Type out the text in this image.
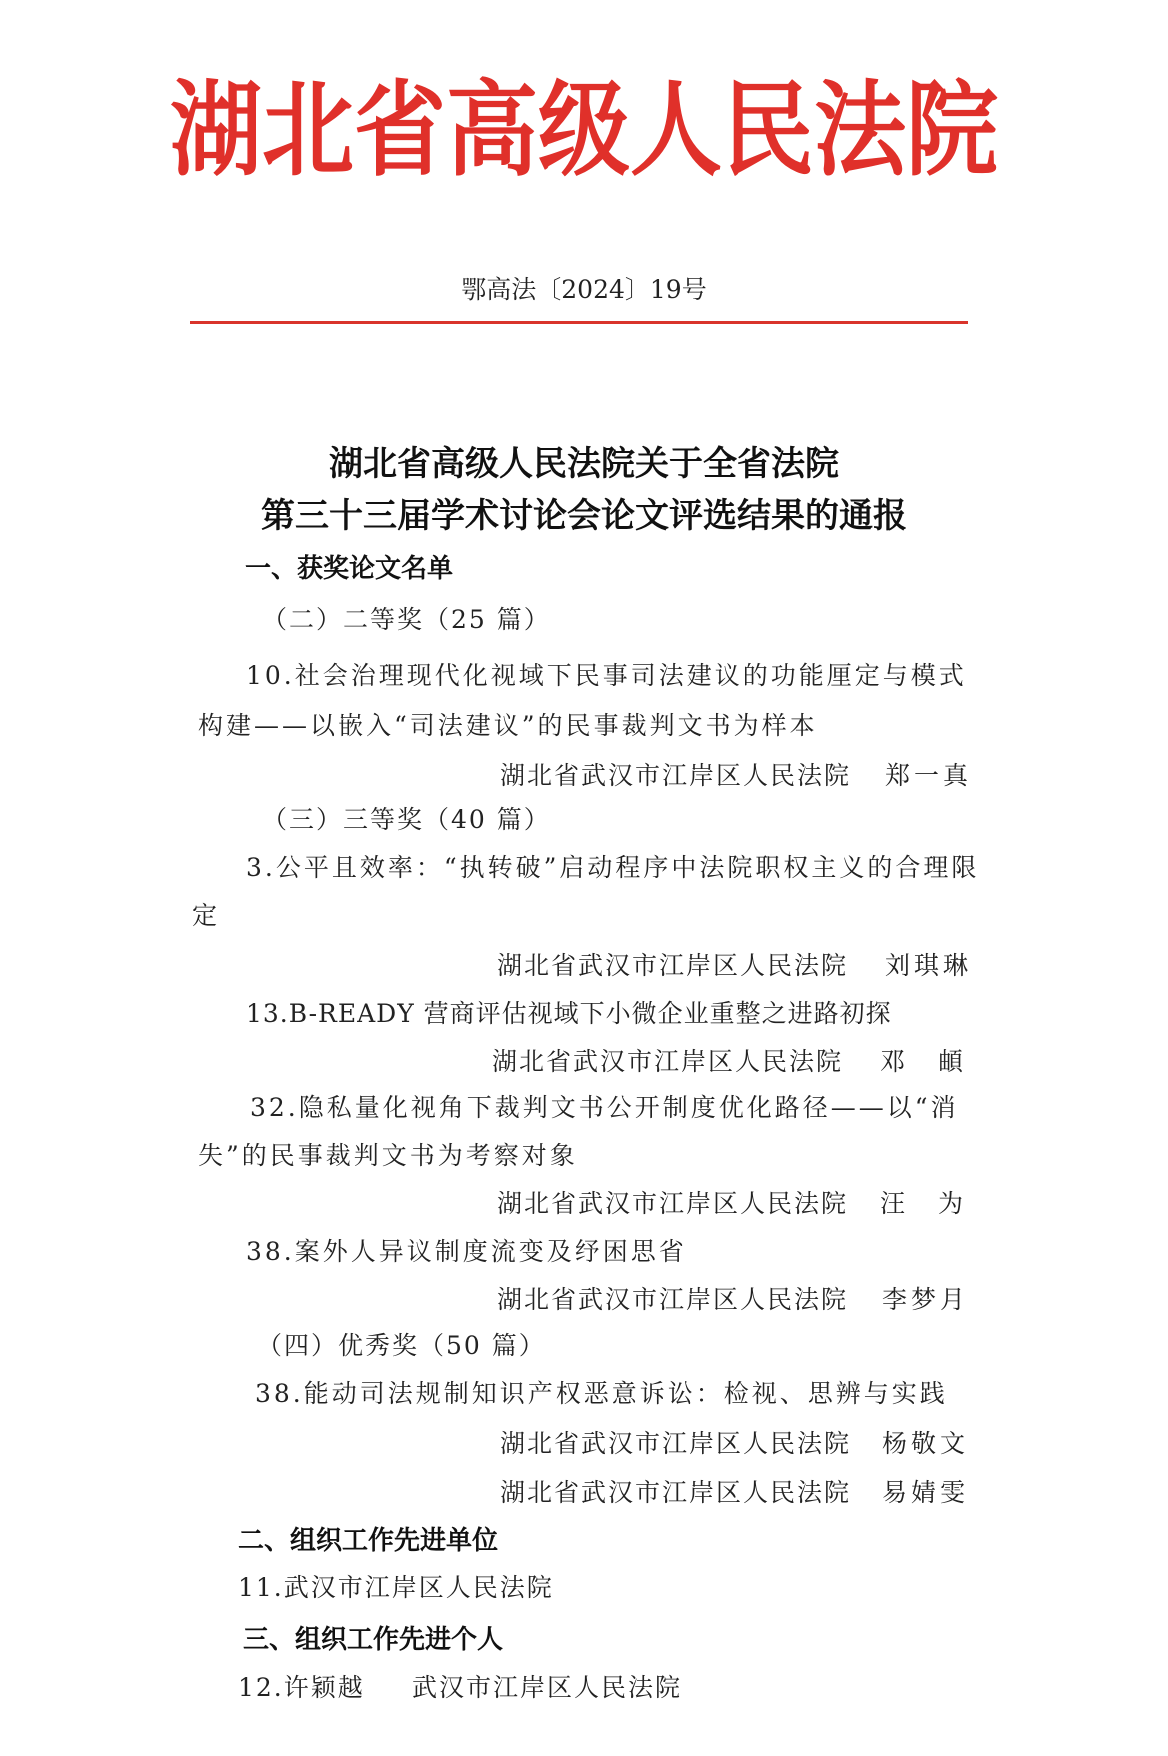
湖北省高级人民法院
鄂高法〔2024〕19号
湖北省高级人民法院关于全省法院
第三十三届学术讨论会论文评选结果的通报
一、获奖论文名单
（二）二等奖（25 篇）
10.社会治理现代化视域下民事司法建议的功能厘定与模式
构建——以嵌入“司法建议”的民事裁判文书为样本
湖北省武汉市江岸区人民法院 郑一真
（三）三等奖（40 篇）
3.公平且效率：“执转破”启动程序中法院职权主义的合理限
定
湖北省武汉市江岸区人民法院 刘琪琳
13.B-READY 营商评估视域下小微企业重整之进路初探
湖北省武汉市江岸区人民法院 邓　頔
32.隐私量化视角下裁判文书公开制度优化路径——以“消
失”的民事裁判文书为考察对象
湖北省武汉市江岸区人民法院 汪　为
38.案外人异议制度流变及纾困思省
湖北省武汉市江岸区人民法院 李梦月
（四）优秀奖（50 篇）
38.能动司法规制知识产权恶意诉讼：检视、思辨与实践
湖北省武汉市江岸区人民法院 杨敬文
湖北省武汉市江岸区人民法院 易婧雯
二、组织工作先进单位
11.武汉市江岸区人民法院
三、组织工作先进个人
12.许颖越 武汉市江岸区人民法院
